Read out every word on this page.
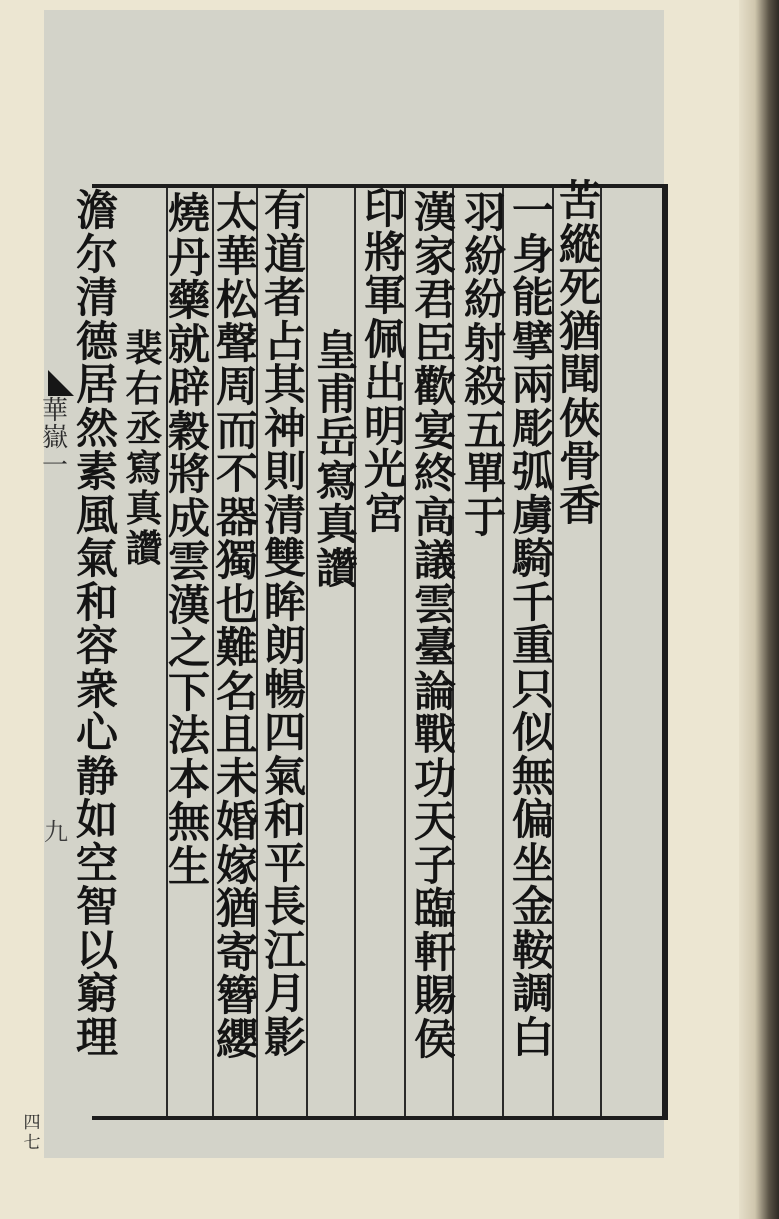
苦
縱
死
猶
聞
俠
骨
香
一
身
能
擘
兩
彫
弧
虜
騎
千
重
只
似
無
偏
坐
金
鞍
調
白
羽
紛
紛
射
殺
五
單
于
漢
家
君
臣
歡
宴
終
高
議
雲
臺
論
戰
功
天
子
臨
軒
賜
侯
印
將
軍
佩
出
明
光
宮
皇
甫
岳
寫
真
讚
有
道
者
占
其
神
則
清
雙
眸
朗
暢
四
氣
和
平
長
江
月
影
太
華
松
聲
周
而
不
器
獨
也
難
名
且
未
婚
嫁
猶
寄
簪
纓
燒
丹
藥
就
辟
穀
將
成
雲
漢
之
下
法
本
無
生
裴
右
丞
寫
真
讚
澹
尔
清
德
居
然
素
風
氣
和
容
衆
心
静
如
空
智
以
窮
理
華
嶽
一
九
四
七
